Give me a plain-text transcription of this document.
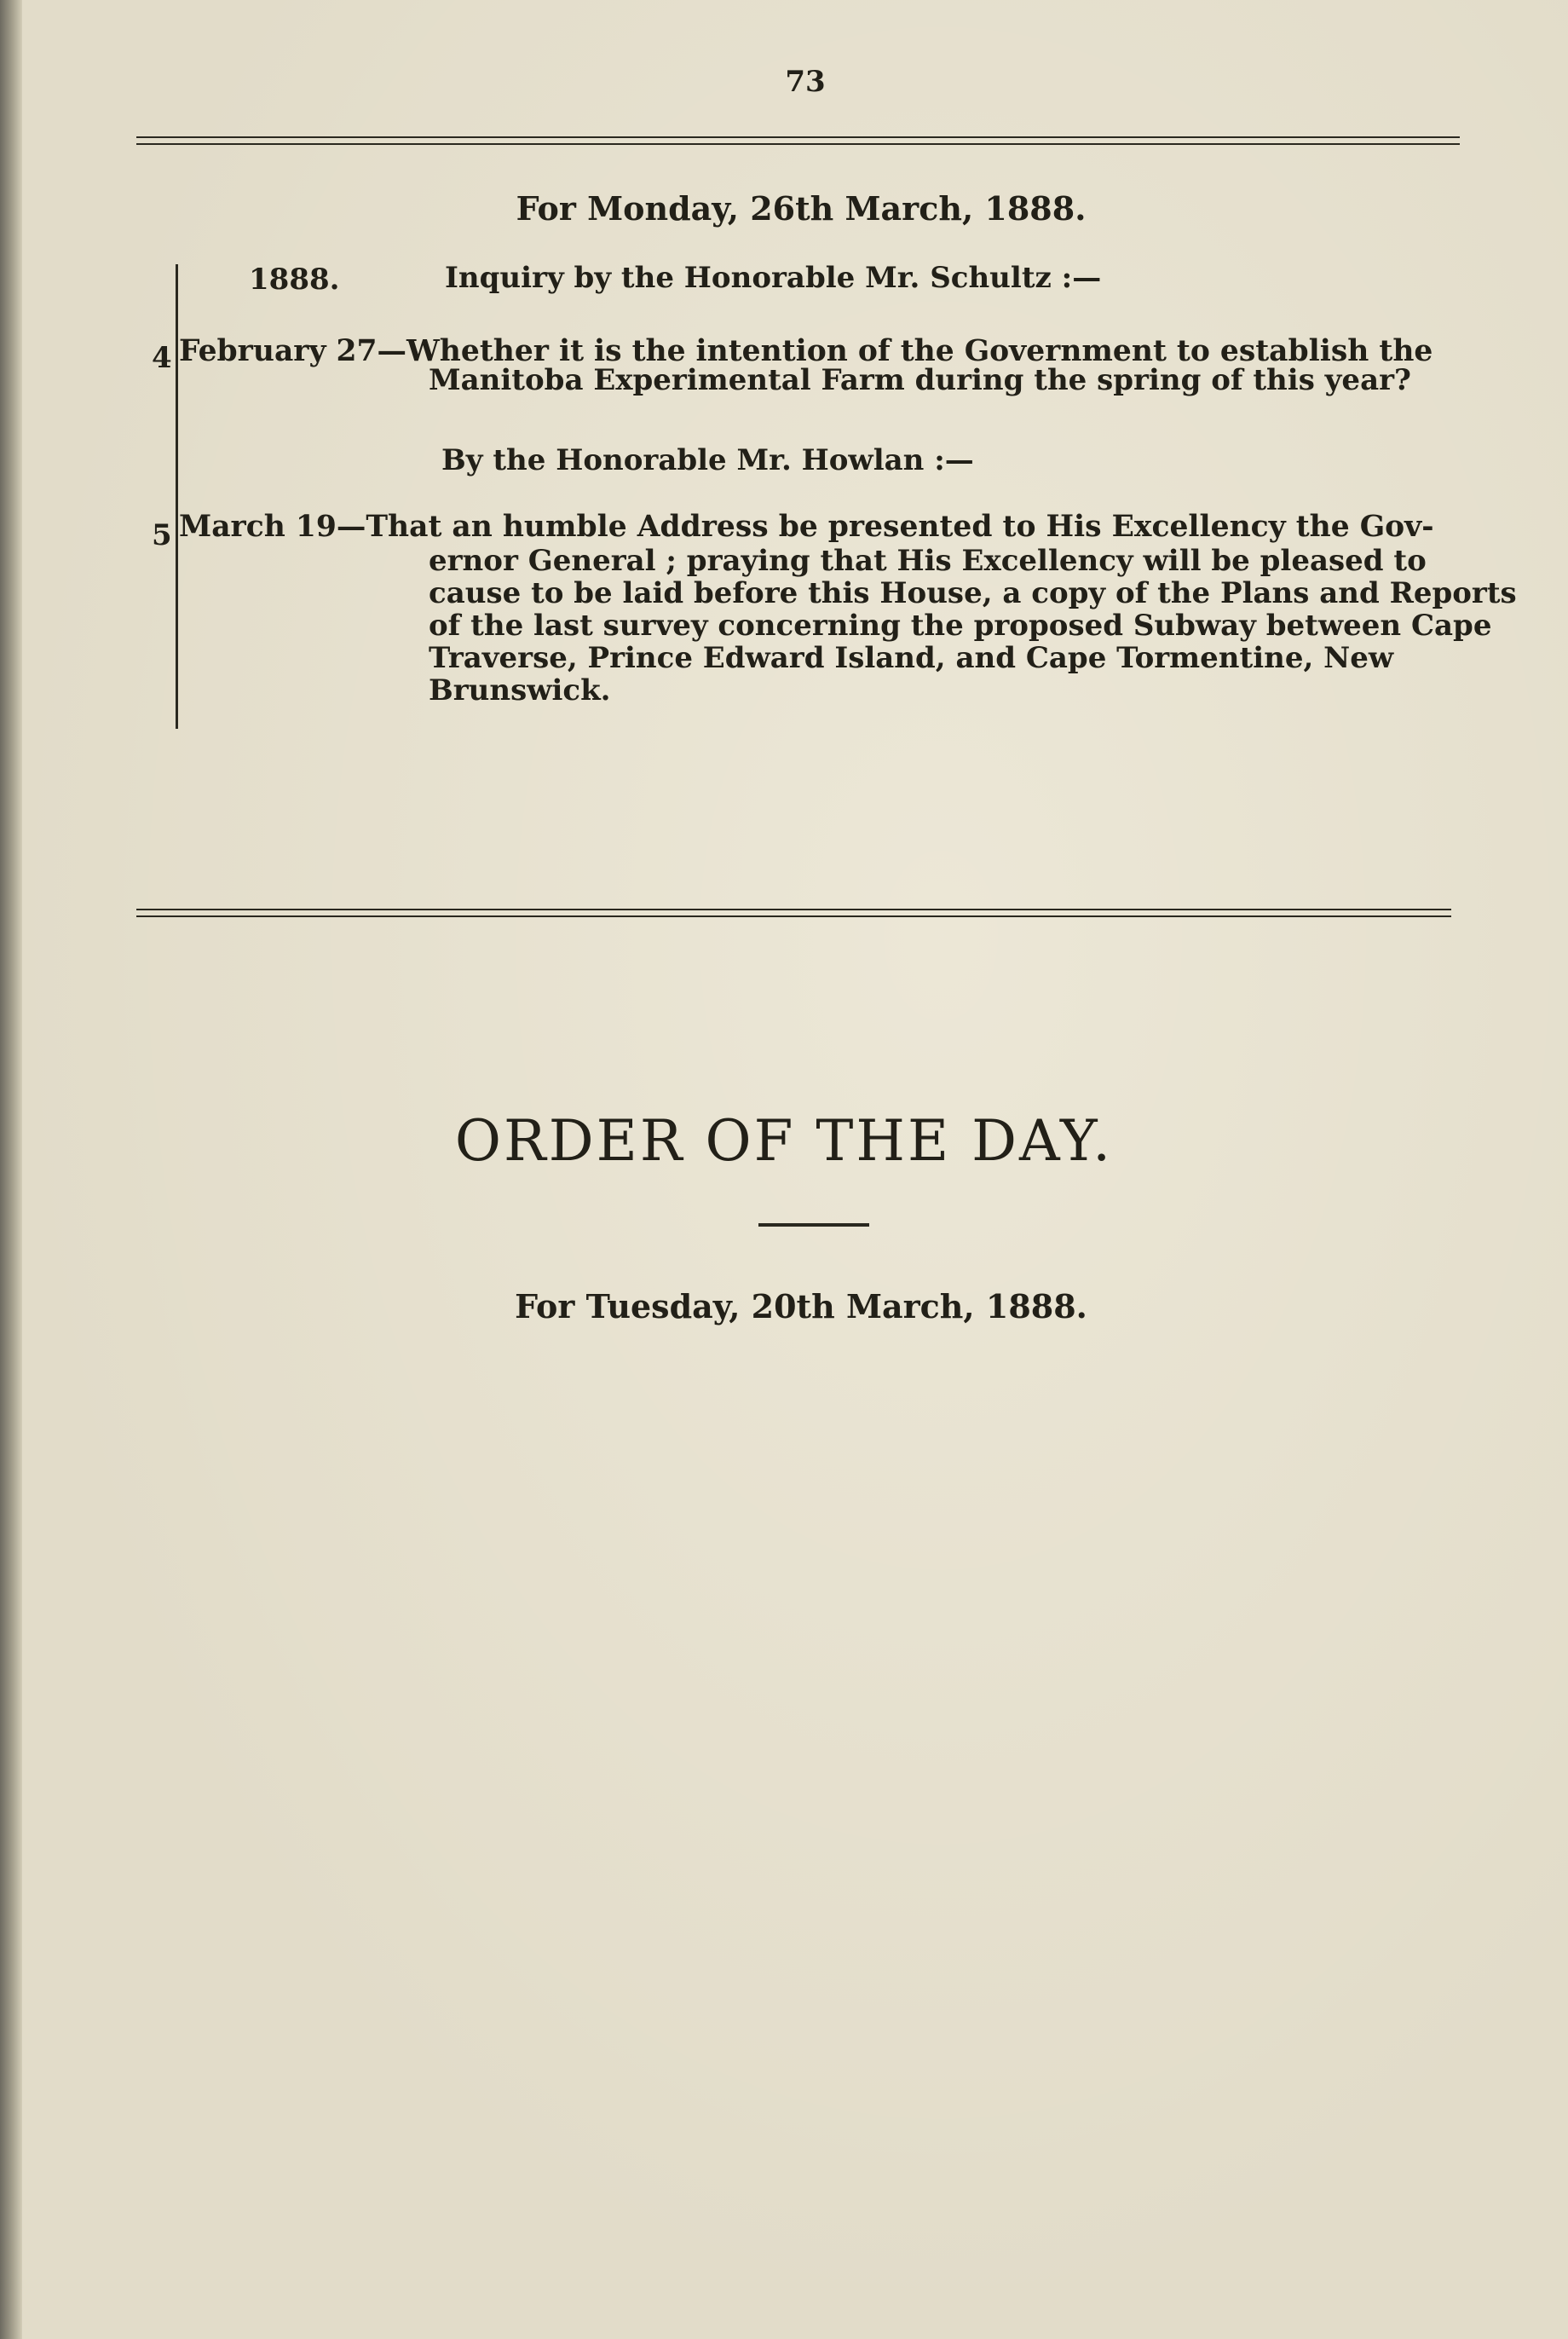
73
For Monday, 26th March, 1888.
1888.	Inquiry by the Honorable Mr. Schultz :—
4 February 27—Whether it is the intention of the Government to establish the
Manitoba Experimental Farm during the spring of this year?
By the Honorable Mr. Howlan :—
5 March 19—That an humble Address be presented to His Excellency the Gov-
ernor General ; praying that His Excellency will be pleased to
cause to be laid before this House, a copy of the Plans and Reports
of the last survey concerning the proposed Subway between Cape
Traverse, Prince Edward Island, and Cape Tormentine, New
Brunswick.
ORDER OF THE DAY.
For Tuesday, 20th March, 1888.
